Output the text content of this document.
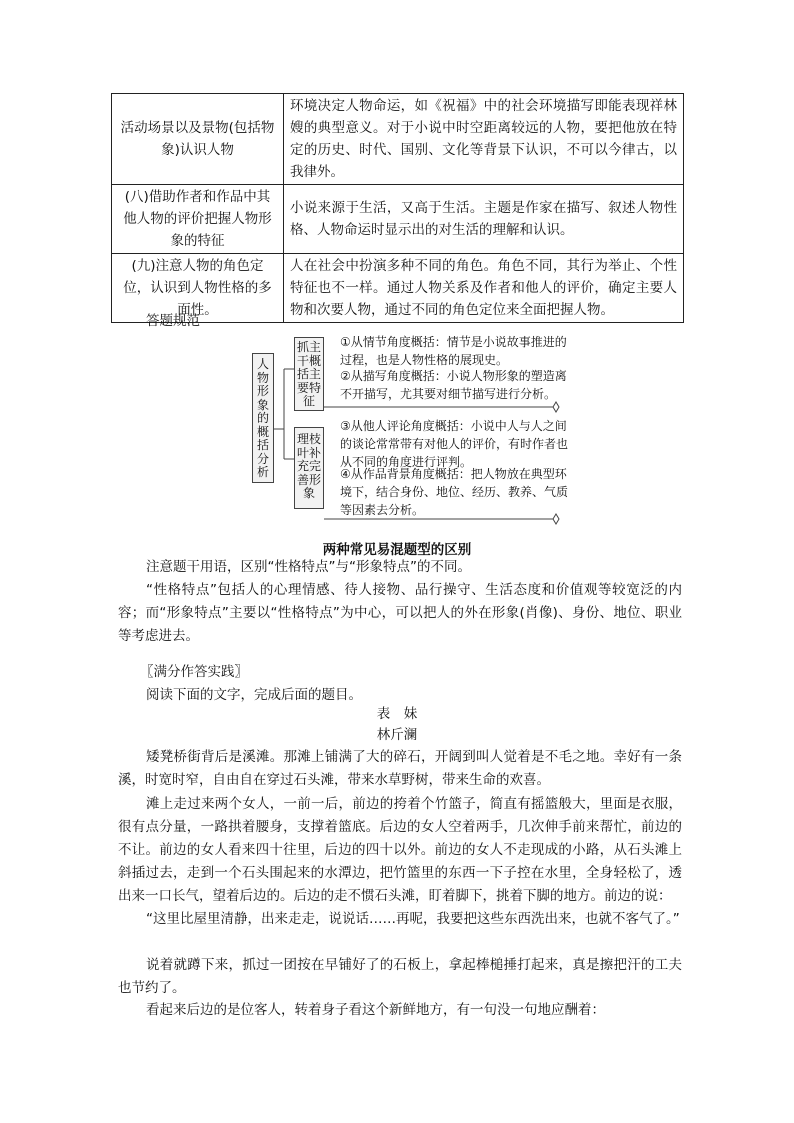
活动场景以及景物(包括物象)认识人物	环境决定人物命运，如《祝福》中的社会环境描写即能表现祥林嫂的典型意义。对于小说中时空距离较远的人物，要把他放在特定的历史、时代、国别、文化等背景下认识，不可以今律古，以我律外。
(八)借助作者和作品中其他人物的评价把握人物形象的特征	小说来源于生活，又高于生活。主题是作家在描写、叙述人物性格、人物命运时显示出的对生活的理解和认识。
(九)注意人物的角色定位，认识到人物性格的多面性。	人在社会中扮演多种不同的角色。角色不同，其行为举止、个性特征也不一样。通过人物关系及作者和他人的评价，确定主要人物和次要人物，通过不同的角色定位来全面把握人物。
答题规范
人
物
形
象
的
概
括
分
析
抓主
干概
括主
要特
征
理枝
叶补
充完
善形
象
①从情节角度概括：情节是小说故事推进的过程，也是人物性格的展现史。
②从描写角度概括：小说人物形象的塑造离不开描写，尤其要对细节描写进行分析。
③从他人评论角度概括：小说中人与人之间的谈论常常带有对他人的评价，有时作者也从不同的角度进行评判。
④从作品背景角度概括：把人物放在典型环境下，结合身份、地位、经历、教养、气质等因素去分析。
两种常见易混题型的区别
注意题干用语，区别“性格特点”与“形象特点”的不同。
“性格特点”包括人的心理情感、待人接物、品行操守、生活态度和价值观等较宽泛的内容；而“形象特点”主要以“性格特点”为中心，可以把人的外在形象(肖像)、身份、地位、职业等考虑进去。
〖满分作答实践〗
阅读下面的文字，完成后面的题目。
表　妹
林斤澜
矮凳桥街背后是溪滩。那滩上铺满了大的碎石，开阔到叫人觉着是不毛之地。幸好有一条溪，时宽时窄，自由自在穿过石头滩，带来水草野树，带来生命的欢喜。
滩上走过来两个女人，一前一后，前边的挎着个竹篮子，简直有摇篮般大，里面是衣服，很有点分量，一路拱着腰身，支撑着篮底。后边的女人空着两手，几次伸手前来帮忙，前边的不让。前边的女人看来四十往里，后边的四十以外。前边的女人不走现成的小路，从石头滩上斜插过去，走到一个石头围起来的水潭边，把竹篮里的东西一下子控在水里，全身轻松了，透出来一口长气，望着后边的。后边的走不惯石头滩，盯着脚下，挑着下脚的地方。前边的说：
“这里比屋里清静，出来走走，说说话……再呢，我要把这些东西洗出来，也就不客气了。”
说着就蹲下来，抓过一团按在早铺好了的石板上，拿起棒槌捶打起来，真是擦把汗的工夫也节约了。
看起来后边的是位客人，转着身子看这个新鲜地方，有一句没一句地应酬着：
